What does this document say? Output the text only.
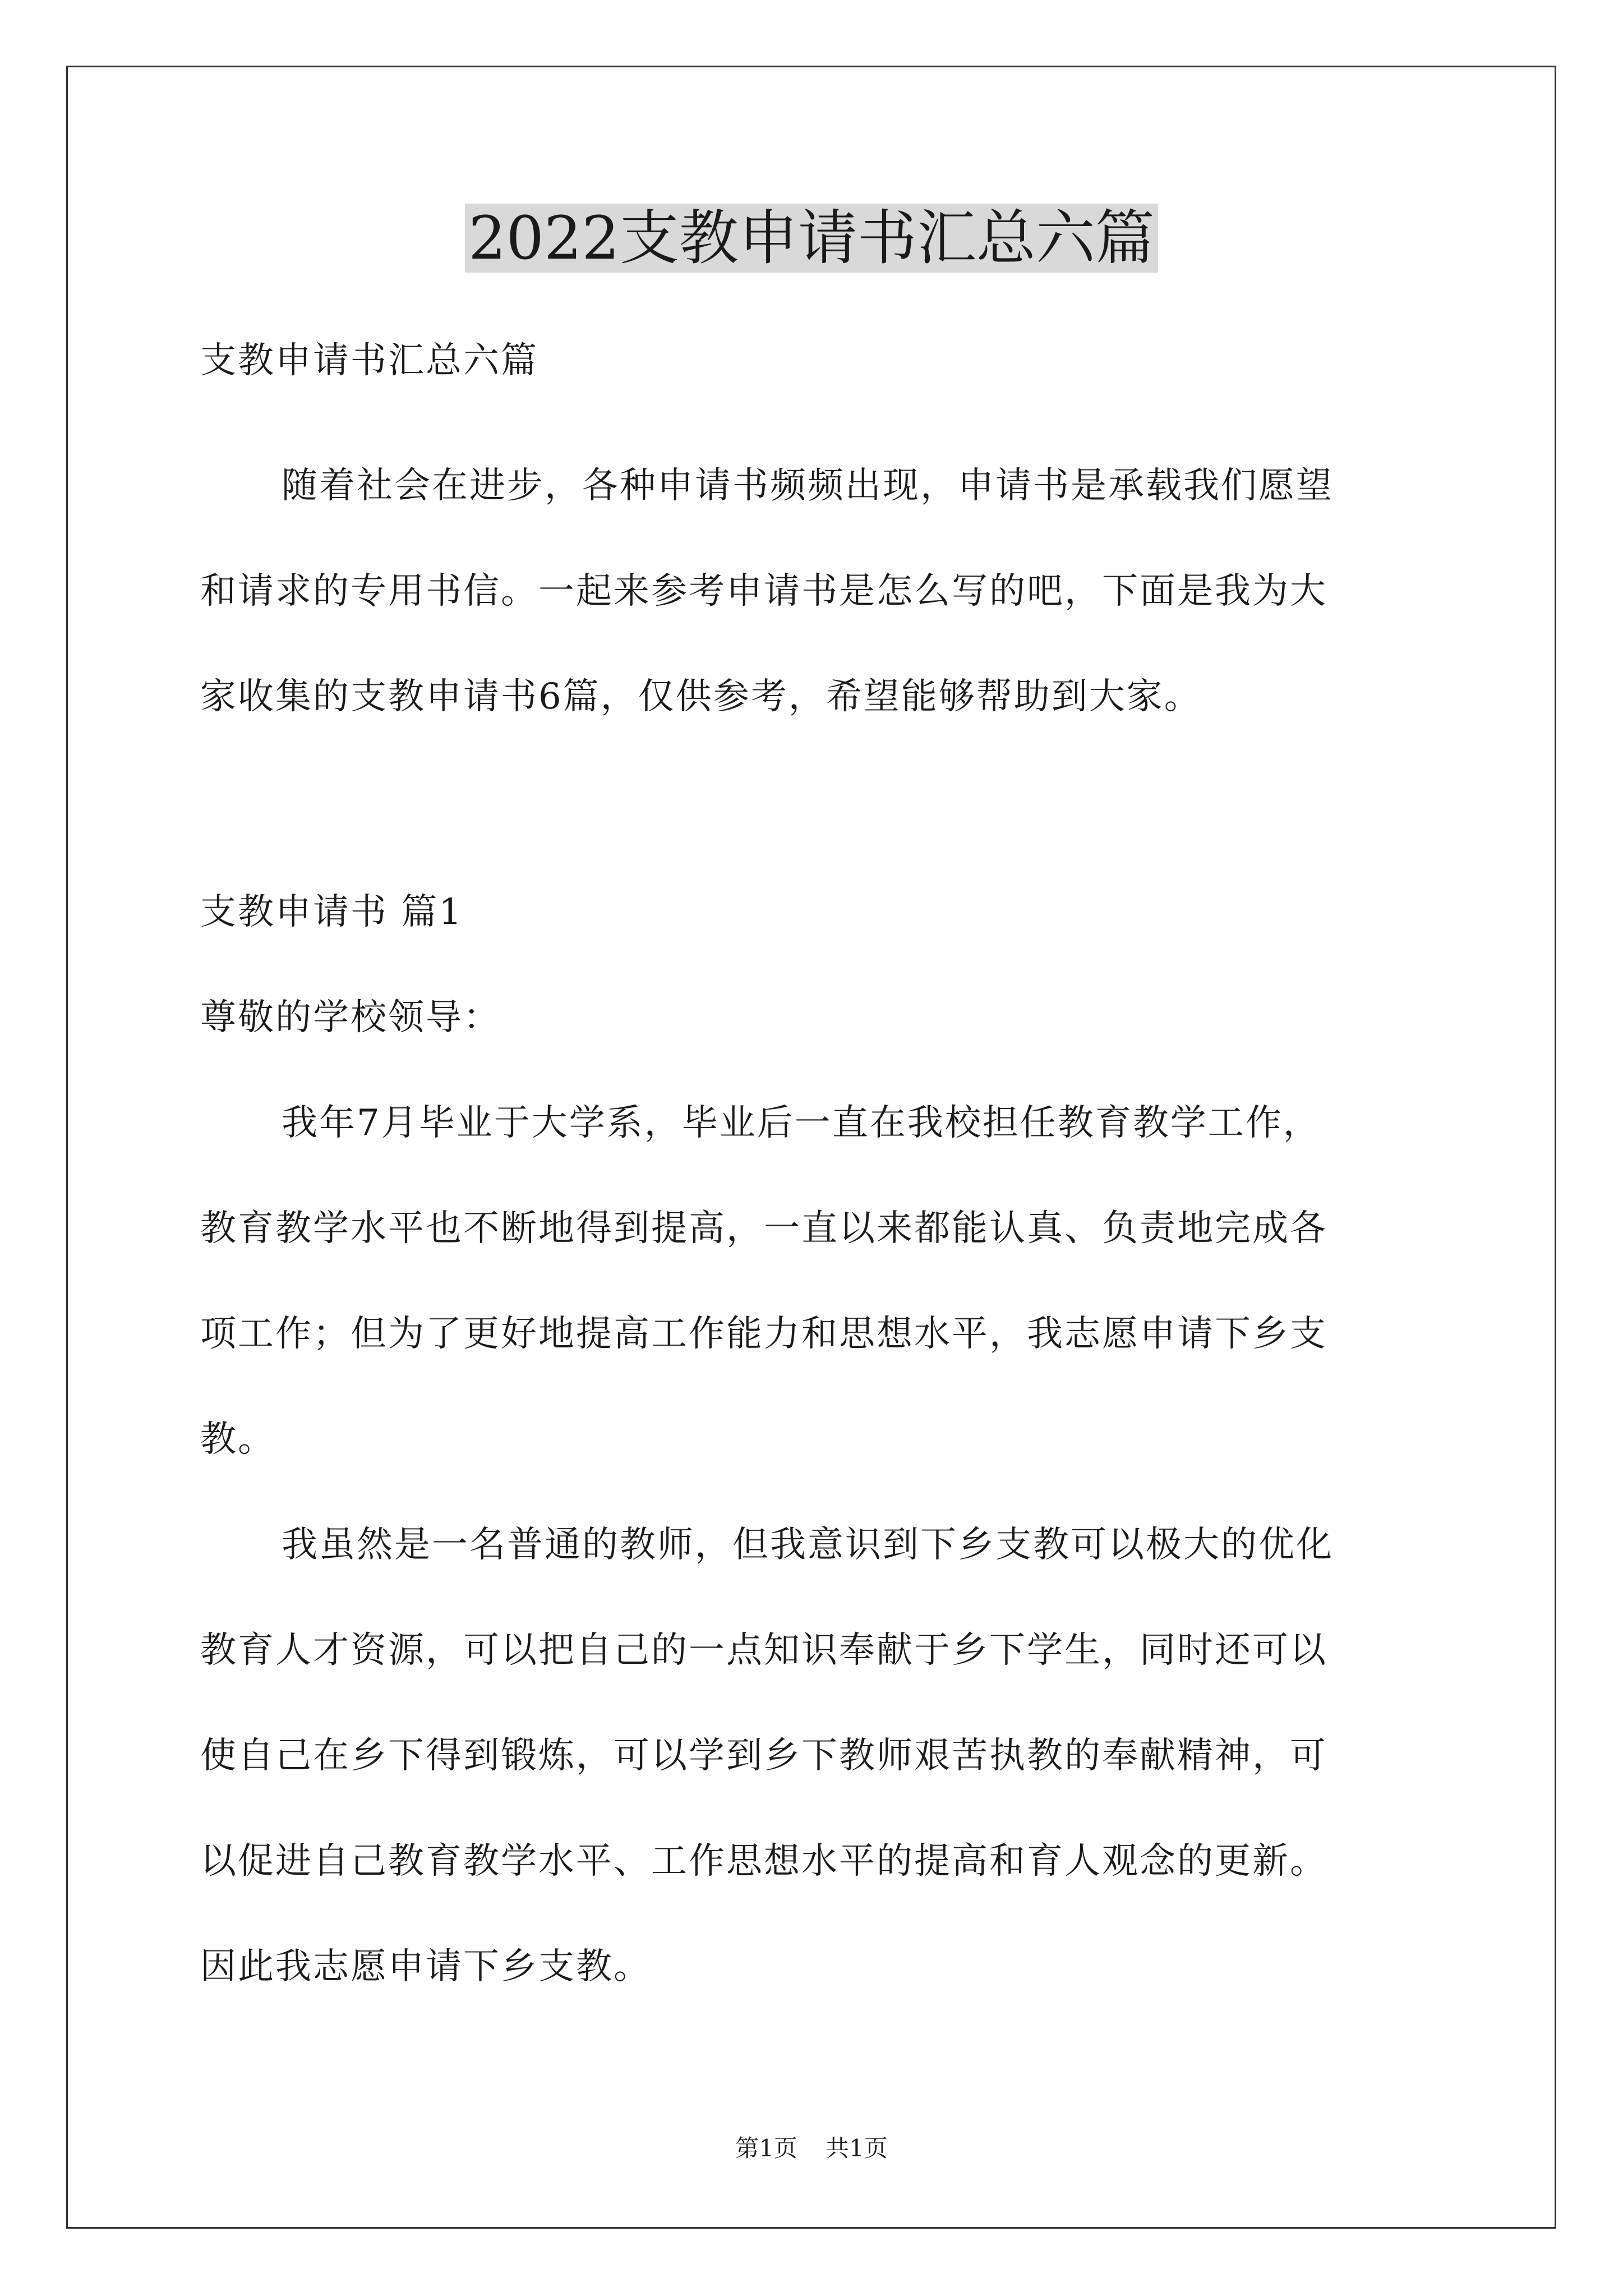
2022支教申请书汇总六篇

支教申请书汇总六篇

随着社会在进步，各种申请书频频出现，申请书是承载我们愿望

和请求的专用书信。一起来参考申请书是怎么写的吧，下面是我为大

家收集的支教申请书6篇，仅供参考，希望能够帮助到大家。

支教申请书 篇1

尊敬的学校领导：

我年7月毕业于大学系，毕业后一直在我校担任教育教学工作，

教育教学水平也不断地得到提高，一直以来都能认真、负责地完成各

项工作；但为了更好地提高工作能力和思想水平，我志愿申请下乡支

教。

我虽然是一名普通的教师，但我意识到下乡支教可以极大的优化

教育人才资源，可以把自己的一点知识奉献于乡下学生，同时还可以

使自己在乡下得到锻炼，可以学到乡下教师艰苦执教的奉献精神，可

以促进自己教育教学水平、工作思想水平的提高和育人观念的更新。

因此我志愿申请下乡支教。

第1页 共1页
